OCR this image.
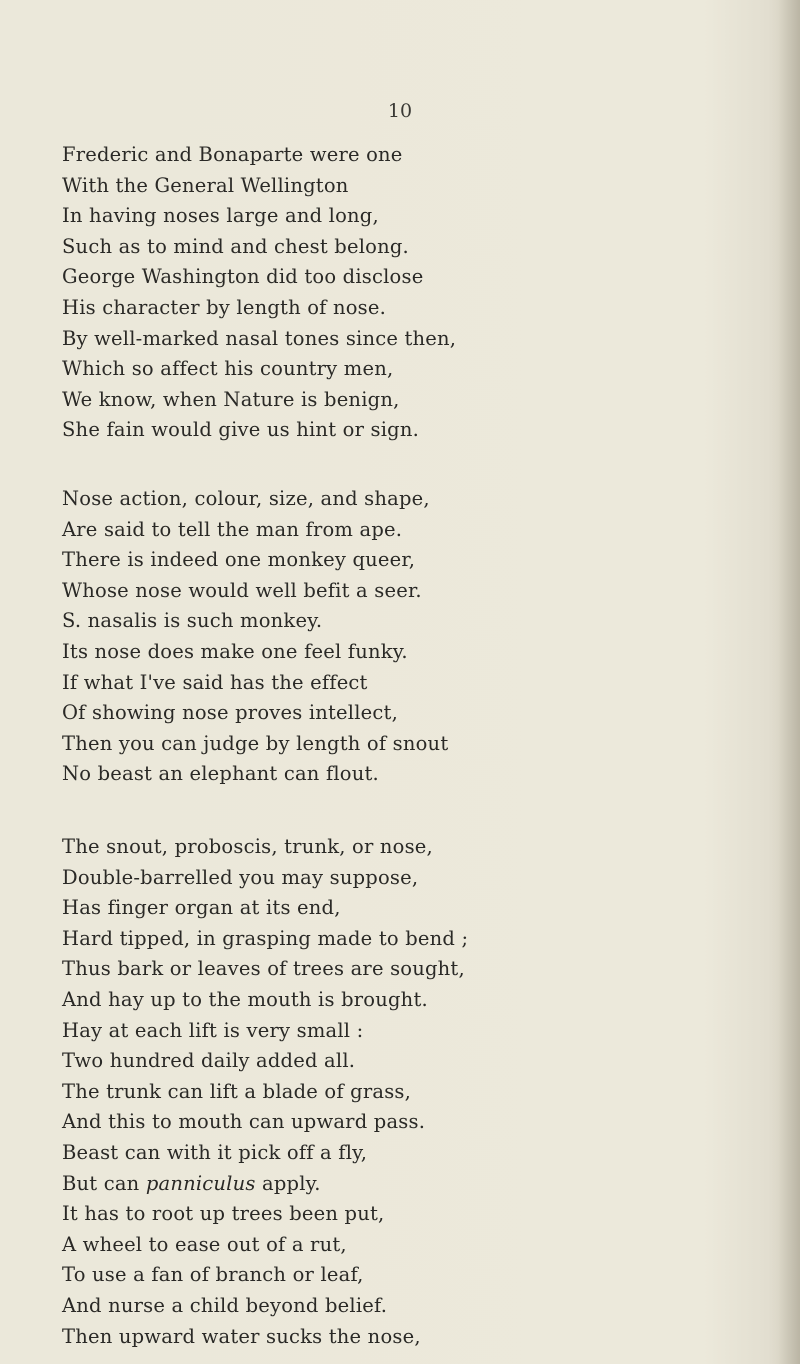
10
Frederic and Bonaparte were one
With the General Wellington
In having noses large and long,
Such as to mind and chest belong.
George Washington did too disclose
His character by length of nose.
By well-marked nasal tones since then,
Which so affect his country men,
We know, when Nature is benign,
She fain would give us hint or sign.
Nose action, colour, size, and shape,
Are said to tell the man from ape.
There is indeed one monkey queer,
Whose nose would well befit a seer.
S. nasalis is such monkey.
Its nose does make one feel funky.
If what I've said has the effect
Of showing nose proves intellect,
Then you can judge by length of snout
No beast an elephant can flout.
The snout, proboscis, trunk, or nose,
Double-barrelled you may suppose,
Has finger organ at its end,
Hard tipped, in grasping made to bend ;
Thus bark or leaves of trees are sought,
And hay up to the mouth is brought.
Hay at each lift is very small :
Two hundred daily added all.
The trunk can lift a blade of grass,
And this to mouth can upward pass.
Beast can with it pick off a fly,
But can panniculus apply.
It has to root up trees been put,
A wheel to ease out of a rut,
To use a fan of branch or leaf,
And nurse a child beyond belief.
Then upward water sucks the nose,
